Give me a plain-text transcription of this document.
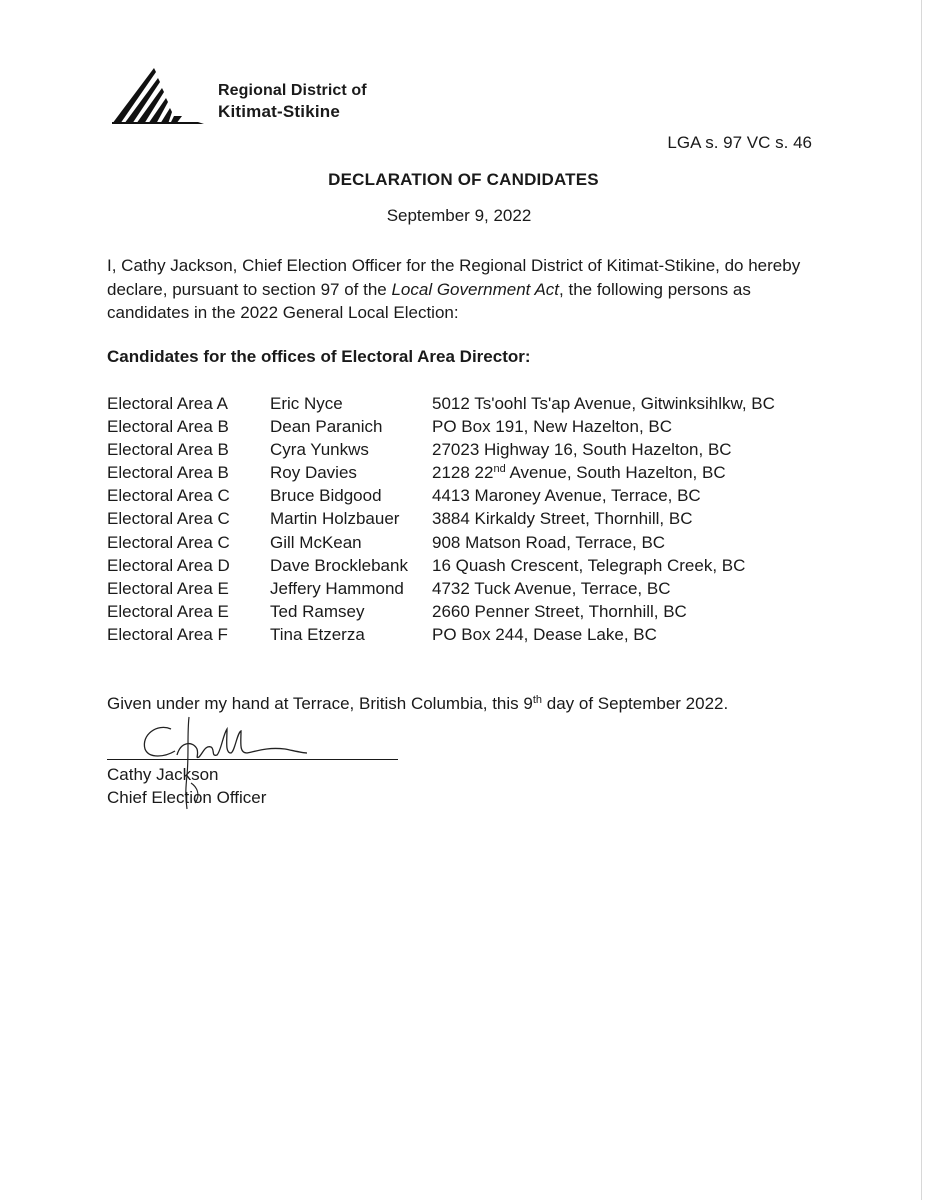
Regional District of
Kitimat-Stikine
LGA s. 97 VC s. 46
DECLARATION OF CANDIDATES
September 9, 2022
I, Cathy Jackson, Chief Election Officer for the Regional District of Kitimat-Stikine, do hereby declare, pursuant to section 97 of the Local Government Act, the following persons as candidates in the 2022 General Local Election:
Candidates for the offices of Electoral Area Director:
Electoral Area A Eric Nyce	5012 Ts'oohl Ts'ap Avenue, Gitwinksihlkw, BC
Electoral Area B Dean Paranich	PO Box 191, New Hazelton, BC
Electoral Area B Cyra Yunkws	27023 Highway 16, South Hazelton, BC
Electoral Area B Roy Davies	2128 22nd Avenue, South Hazelton, BC
Electoral Area C Bruce Bidgood	4413 Maroney Avenue, Terrace, BC
Electoral Area C Martin Holzbauer 3884 Kirkaldy Street, Thornhill, BC
Electoral Area C Gill McKean	908 Matson Road, Terrace, BC
Electoral Area D Dave Brocklebank 16 Quash Crescent, Telegraph Creek, BC
Electoral Area E Jeffery Hammond 4732 Tuck Avenue, Terrace, BC
Electoral Area E Ted Ramsey	2660 Penner Street, Thornhill, BC
Electoral Area F Tina Etzerza	PO Box 244, Dease Lake, BC
Given under my hand at Terrace, British Columbia, this 9th day of September 2022.
Cathy Jackson
Chief Election Officer
